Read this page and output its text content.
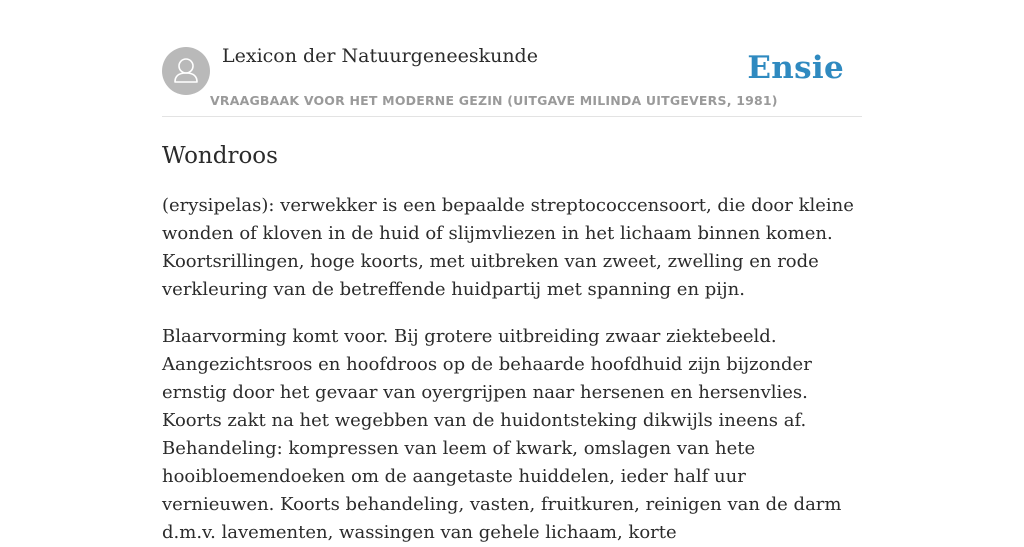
Lexicon der Natuurgeneeskunde
VRAAGBAAK VOOR HET MODERNE GEZIN (UITGAVE MILINDA UITGEVERS, 1981)
Ensie
Wondroos

(erysipelas): verwekker is een bepaalde streptococcensoort, die door kleine wonden of kloven in de huid of slijmvliezen in het lichaam binnen komen. Koortsrillingen, hoge koorts, met uitbreken van zweet, zwelling en rode verkleuring van de betreffende huidpartij met spanning en pijn.

Blaarvorming komt voor. Bij grotere uitbreiding zwaar ziektebeeld. Aangezichtsroos en hoofdroos op de behaarde hoofdhuid zijn bijzonder ernstig door het gevaar van oyergrijpen naar hersenen en hersenvlies. Koorts zakt na het wegebben van de huidontsteking dikwijls ineens af. Behandeling: kompressen van leem of kwark, omslagen van hete hooibloemendoeken om de aangetaste huiddelen, ieder half uur vernieuwen. Koorts behandeling, vasten, fruitkuren, reinigen van de darm d.m.v. lavementen, wassingen van gehele lichaam, korte
